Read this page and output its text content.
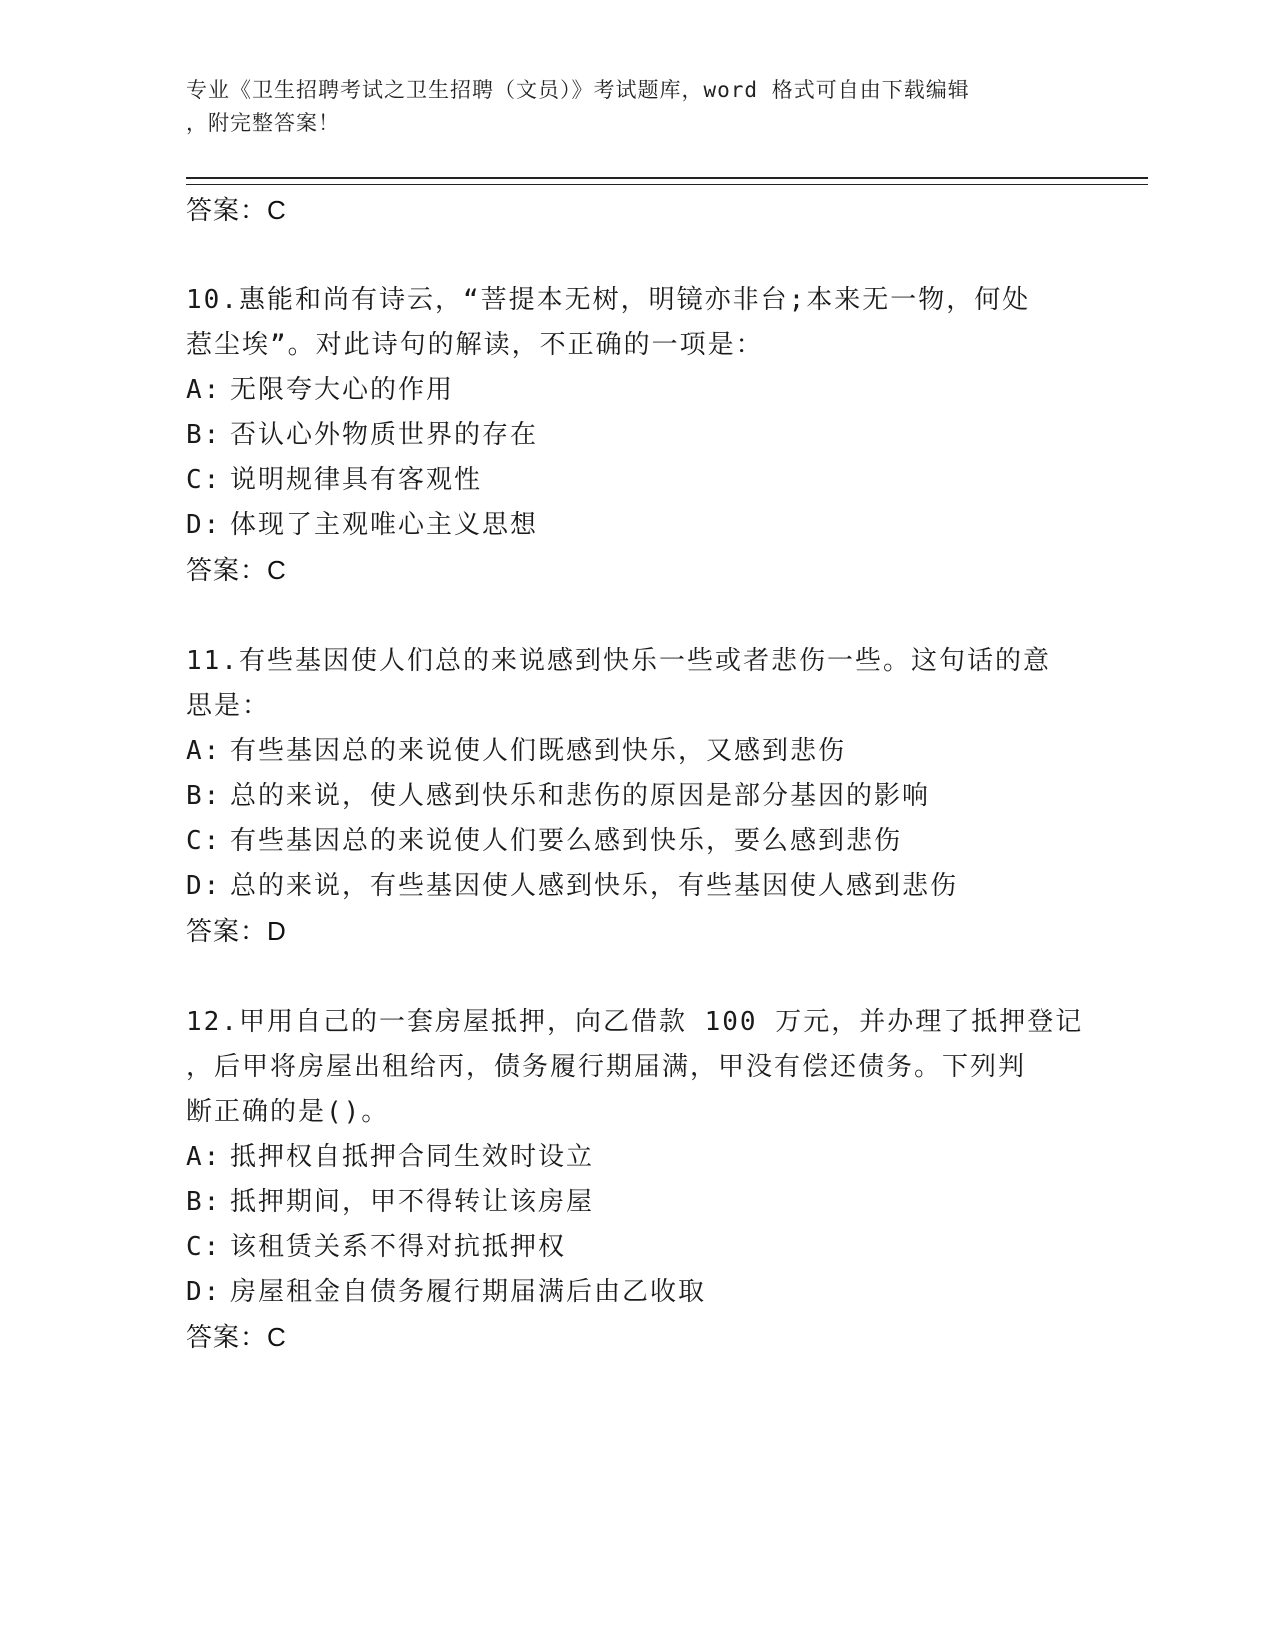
专业《卫生招聘考试之卫生招聘（文员）》考试题库，word 格式可自由下载编辑
，附完整答案！
答案：C

10.惠能和尚有诗云，“菩提本无树，明镜亦非台;本来无一物，何处

惹尘埃”。对此诗句的解读，不正确的一项是：

A: 无限夸大心的作用

B: 否认心外物质世界的存在

C: 说明规律具有客观性

D: 体现了主观唯心主义思想

答案：C

11.有些基因使人们总的来说感到快乐一些或者悲伤一些。这句话的意

思是：

A: 有些基因总的来说使人们既感到快乐，又感到悲伤

B: 总的来说，使人感到快乐和悲伤的原因是部分基因的影响

C: 有些基因总的来说使人们要么感到快乐，要么感到悲伤

D: 总的来说，有些基因使人感到快乐，有些基因使人感到悲伤

答案：D

12.甲用自己的一套房屋抵押，向乙借款 100 万元，并办理了抵押登记

，后甲将房屋出租给丙，债务履行期届满，甲没有偿还债务。下列判

断正确的是()。

A: 抵押权自抵押合同生效时设立

B: 抵押期间，甲不得转让该房屋

C: 该租赁关系不得对抗抵押权

D: 房屋租金自债务履行期届满后由乙收取

答案：C
